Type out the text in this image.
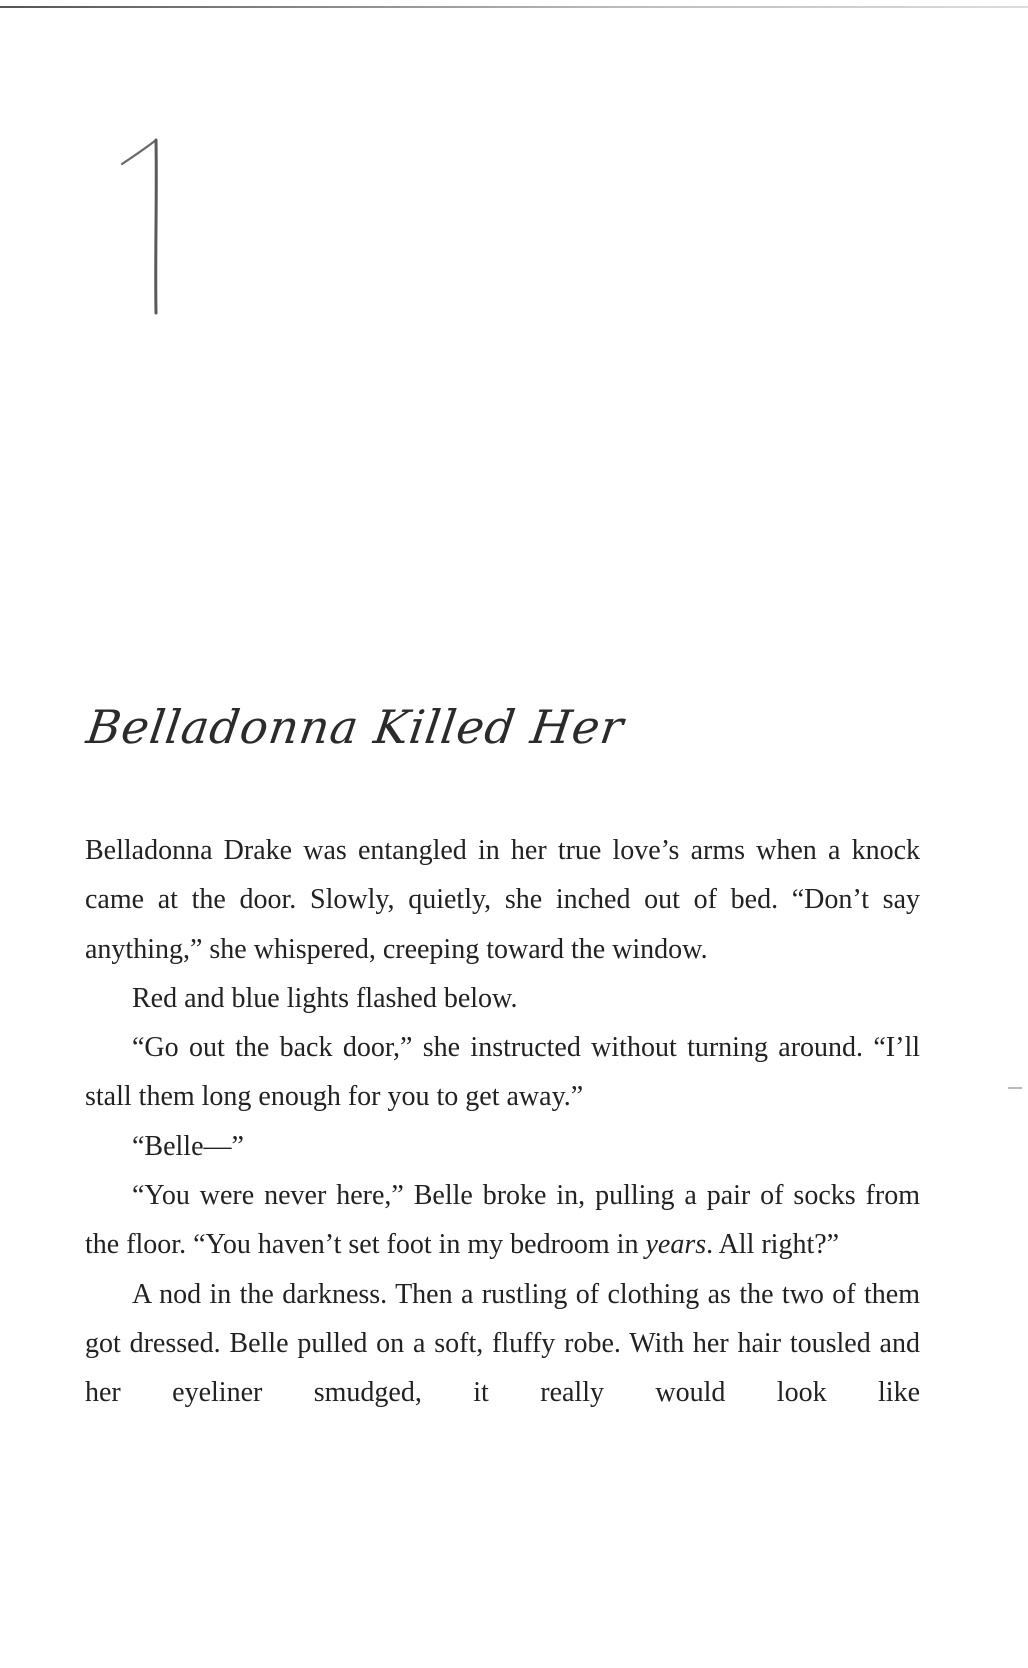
Belladonna Killed Her

Belladonna Drake was entangled in her true love’s arms when a knock came at the door. Slowly, quietly, she inched out of bed. “Don’t say anything,” she whispered, creeping toward the window.

Red and blue lights flashed below.

“Go out the back door,” she instructed without turning around. “I’ll stall them long enough for you to get away.”

“Belle—”

“You were never here,” Belle broke in, pulling a pair of socks from the floor. “You haven’t set foot in my bedroom in years. All right?”

A nod in the darkness. Then a rustling of clothing as the two of them got dressed. Belle pulled on a soft, fluffy robe. With her hair tousled and her eyeliner smudged, it really would look like
